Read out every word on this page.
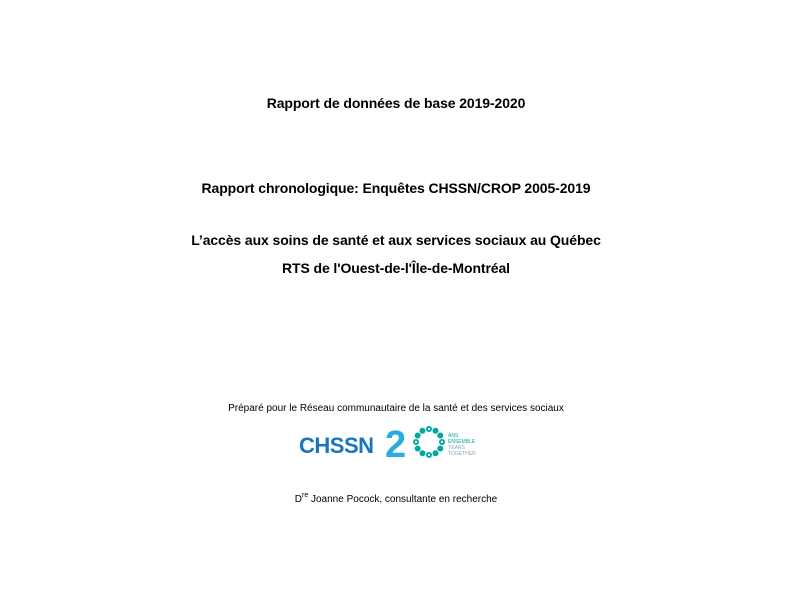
Rapport de données de base 2019-2020
Rapport chronologique: Enquêtes CHSSN/CROP 2005-2019
L’accès aux soins de santé et aux services sociaux au Québec
RTS de l'Ouest-de-l'Île-de-Montréal
Préparé pour le Réseau communautaire de la santé et des services sociaux
CHSSN 2	ANS
ENSEMBLE
YEARS
TOGETHER
Dre Joanne Pocock, consultante en recherche
